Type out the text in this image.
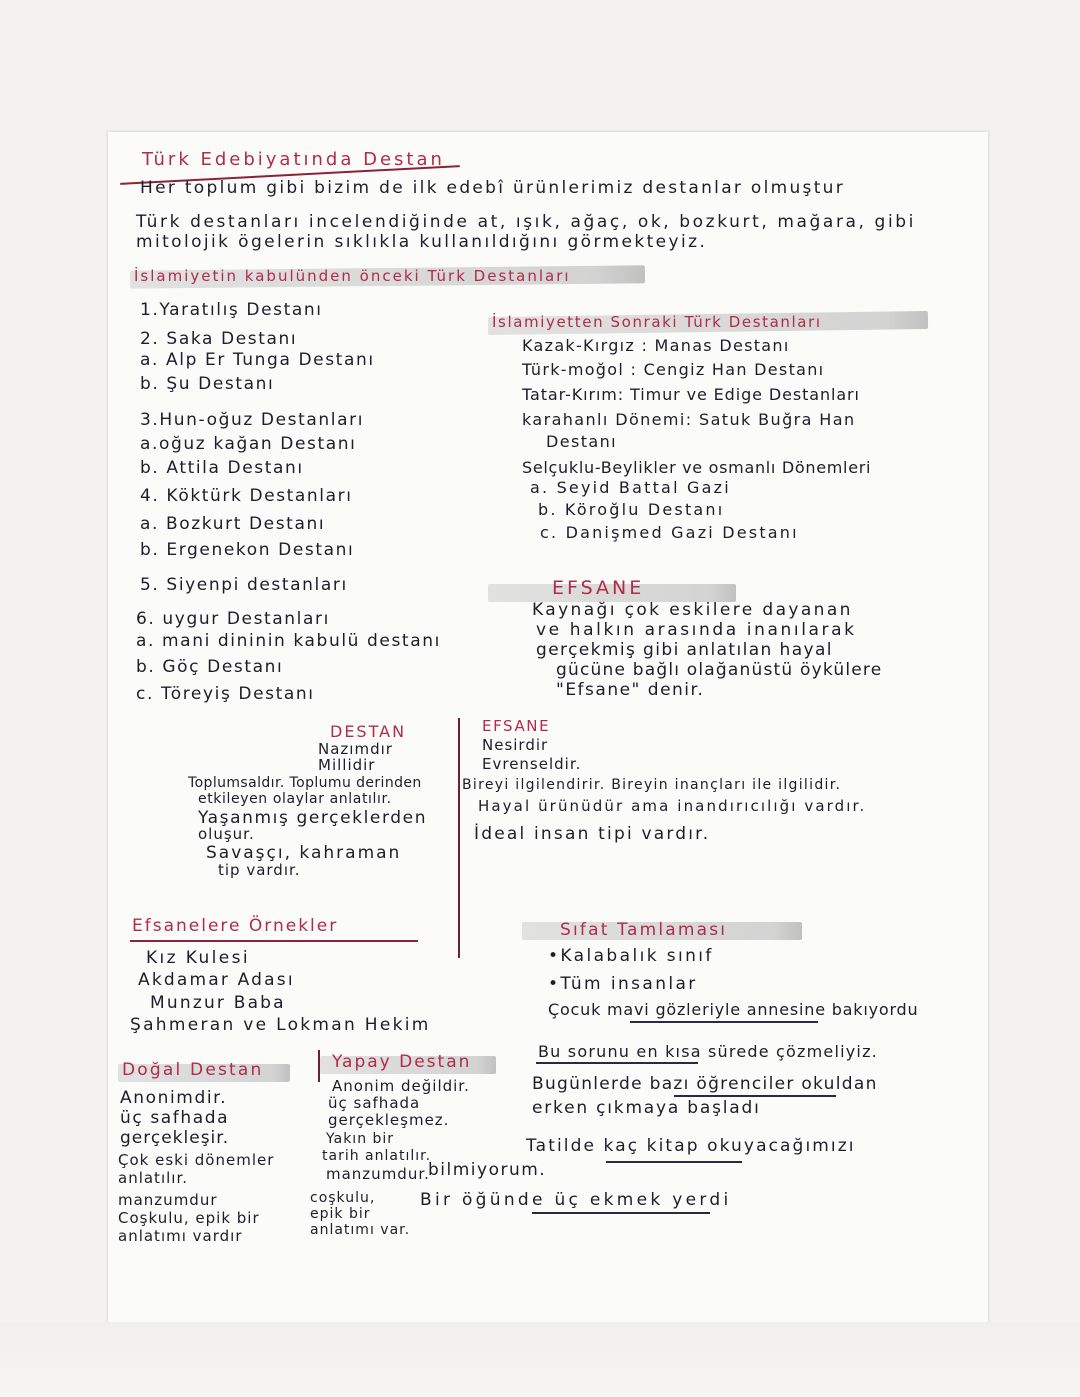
Türk Edebiyatında Destan
Her toplum gibi bizim de ilk edebî ürünlerimiz destanlar olmuştur
Türk destanları incelendiğinde at, ışık, ağaç, ok, bozkurt, mağara, gibi
mitolojik ögelerin sıklıkla kullanıldığını görmekteyiz.
İslamiyetin kabulünden önceki Türk Destanları
1.Yaratılış Destanı
2. Saka Destanı
a. Alp Er Tunga Destanı
b. Şu Destanı
3.Hun-oğuz Destanları
a.oğuz kağan Destanı
b. Attila Destanı
4. Köktürk Destanları
a. Bozkurt Destanı
b. Ergenekon Destanı
5. Siyenpi destanları
6. uygur Destanları
a. mani dininin kabulü destanı
b. Göç Destanı
c. Töreyiş Destanı
İslamiyetten Sonraki Türk Destanları
Kazak-Kırgız : Manas Destanı
Türk-moğol : Cengiz Han Destanı
Tatar-Kırım: Timur ve Edige Destanları
karahanlı Dönemi: Satuk Buğra Han
Destanı
Selçuklu-Beylikler ve osmanlı Dönemleri
a. Seyid Battal Gazi
b. Köroğlu Destanı
c. Danişmed Gazi Destanı
EFSANE
Kaynağı çok eskilere dayanan
ve halkın arasında inanılarak
gerçekmiş gibi anlatılan hayal
gücüne bağlı olağanüstü öykülere
"Efsane" denir.
DESTAN
Nazımdır
Millidir
Toplumsaldır. Toplumu derinden
etkileyen olaylar anlatılır.
Yaşanmış gerçeklerden
oluşur.
Savaşçı, kahraman
tip vardır.
EFSANE
Nesirdir
Evrenseldir.
Bireyi ilgilendirir. Bireyin inançları ile ilgilidir.
Hayal ürünüdür ama inandırıcılığı vardır.
İdeal insan tipi vardır.
Efsanelere Örnekler
Kız Kulesi
Akdamar Adası
Munzur Baba
Şahmeran ve Lokman Hekim
Sıfat Tamlaması
•Kalabalık sınıf
•Tüm insanlar
Çocuk mavi gözleriyle annesine bakıyordu
Bu sorunu en kısa sürede çözmeliyiz.
Bugünlerde bazı öğrenciler okuldan
erken çıkmaya başladı
Tatilde kaç kitap okuyacağımızı
bilmiyorum.
Bir öğünde üç ekmek yerdi
Doğal Destan
Anonimdir.
üç safhada
gerçekleşir.
Çok eski dönemler
anlatılır.
manzumdur
Coşkulu, epik bir
anlatımı vardır
Yapay Destan
Anonim değildir.
üç safhada
gerçekleşmez.
Yakın bir
tarih anlatılır.
manzumdur.
coşkulu,
epik bir
anlatımı var.
